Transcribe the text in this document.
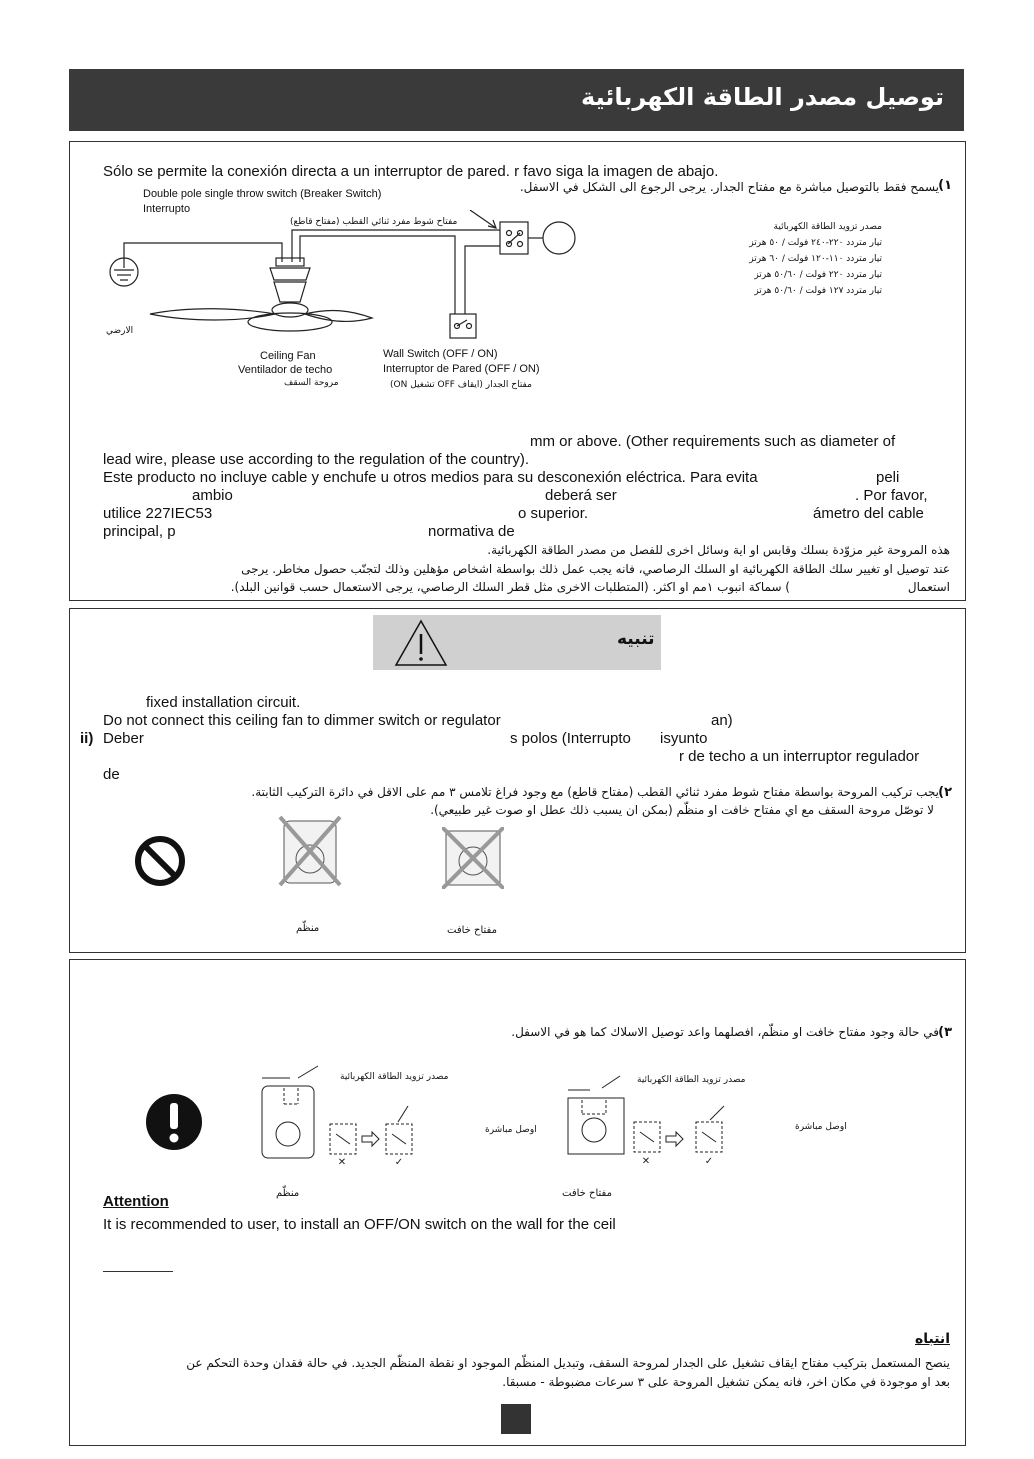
توصيل مصدر الطاقة الكهربائية
Sólo se permite la conexión directa a un interruptor de pared. r favo siga la imagen de abajo.
يسمح فقط بالتوصيل مباشرة مع مفتاح الجدار. يرجى الرجوع الى الشكل في الاسفل. ١)
Double pole single throw switch (Breaker Switch)
Interrupto
مفتاح شوط مفرد ثنائي القطب (مفتاح قاطع)	مصدر تزويد الطاقة الكهربائية
تيار متردد ٢٢٠-٢٤٠ فولت / ٥٠ هرتز
تيار متردد ١١٠-١٢٠ فولت / ٦٠ هرتز
تيار متردد ٢٢٠ فولت / ٥٠/٦٠ هرتز
تيار متردد ١٢٧ فولت / ٥٠/٦٠ هرتز
الارضي
Ceiling Fan
Ventilador de techo
مروحة السقف
Wall Switch (OFF / ON)
Interruptor de Pared (OFF / ON)
مفتاح الجدار (ايقاف OFF تشغيل ON)
mm or above. (Other requirements such as diameter of
lead wire, please use according to the regulation of the country).
Este producto no incluye cable y enchufe u otros medios para su desconexión eléctrica. Para evita	peli
ambio	deberá ser	. Por favor,
utilice 227IEC53	o superior.	ámetro del cable
principal, p	normativa de
هذه المروحة غير مزوّدة بسلك وقابس او اية وسائل اخرى للفصل من مصدر الطاقة الكهربائية.
عند توصيل او تغيير سلك الطاقة الكهربائية او السلك الرصاصي، فانه يجب عمل ذلك بواسطة اشخاص مؤهلين وذلك لتجنّب حصول مخاطر. يرجى
استعمال
) سماكة انبوب ١مم او اكثر. (المتطلبات الاخرى مثل قطر السلك الرصاصي، يرجى الاستعمال حسب قوانين البلد).
تنبيه
fixed installation circuit.
Do not connect this ceiling fan to dimmer switch or regulator	an)
ii) Deber	s polos (Interrupto isyunto
r de techo a un interruptor regulador
de
٢)
يجب تركيب المروحة بواسطة مفتاح شوط مفرد ثنائي القطب (مفتاح قاطع) مع وجود فراغ تلامس ٣ مم على الاقل في دائرة التركيب الثابتة.
لا توصّل مروحة السقف مع اي مفتاح خافت او منظّم (بمكن ان يسبب ذلك عطل او صوت غير طبيعي).
منظّم	مفتاح خافت
٣)
في حالة وجود مفتاح خافت او منظّم، افصلهما واعد توصيل الاسلاك كما هو في الاسفل.
✕	✓
مصدر تزويد الطاقة الكهربائية
اوصل مباشرة
منظّم
✕	✓
مصدر تزويد الطاقة الكهربائية
اوصل مباشرة
مفتاح خافت
Attention
It is recommended to user, to install an OFF/ON switch on the wall for the ceil
انتباه
ينصح المستعمل بتركيب مفتاح ايقاف تشغيل على الجدار لمروحة السقف، وتبديل المنظّم الموجود او نقطة المنظّم الجديد. في حالة فقدان وحدة التحكم عن
بعد او موجودة في مكان اخر، فانه يمكن تشغيل المروحة على ٣ سرعات مضبوطة - مسبقا.
